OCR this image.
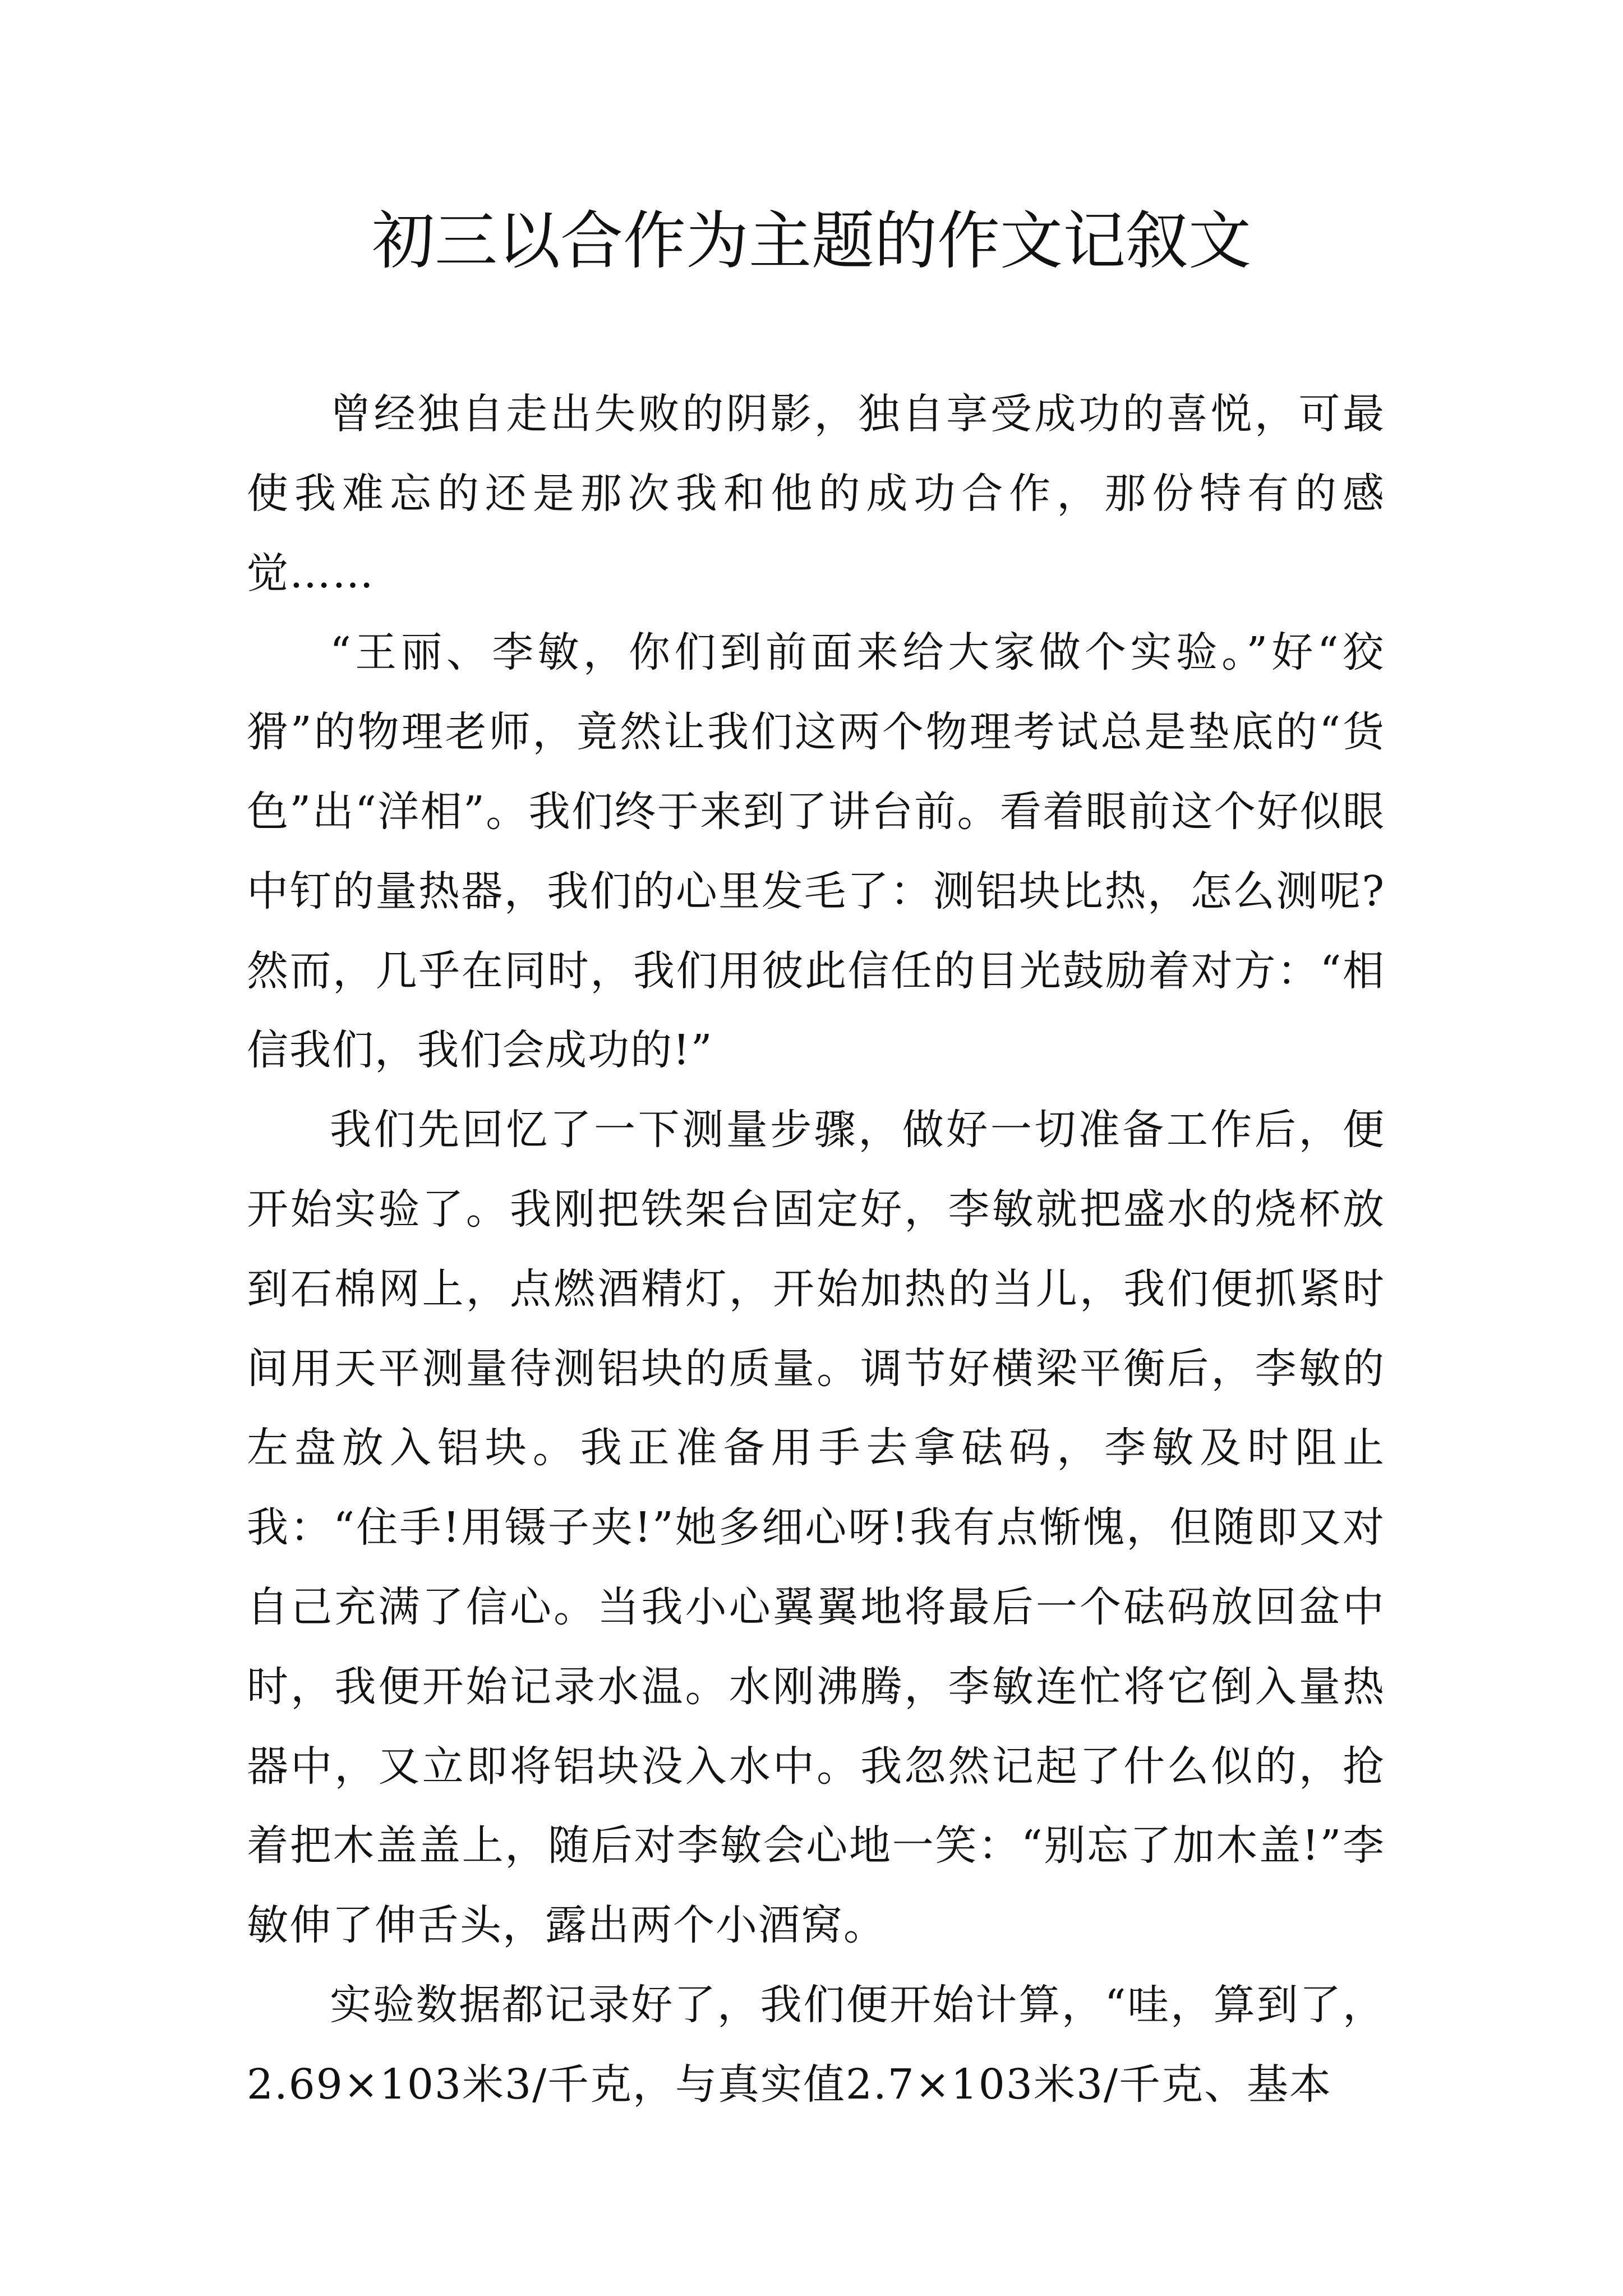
初三以合作为主题的作文记叙文

曾经独自走出失败的阴影，独自享受成功的喜悦，可最使我难忘的还是那次我和他的成功合作，那份特有的感觉……

“王丽、李敏，你们到前面来给大家做个实验。”好“狡猾”的物理老师，竟然让我们这两个物理考试总是垫底的“货色”出“洋相”。我们终于来到了讲台前。看着眼前这个好似眼中钉的量热器，我们的心里发毛了：测铝块比热，怎么测呢?然而，几乎在同时，我们用彼此信任的目光鼓励着对方：“相信我们，我们会成功的!”

我们先回忆了一下测量步骤，做好一切准备工作后，便开始实验了。我刚把铁架台固定好，李敏就把盛水的烧杯放到石棉网上，点燃酒精灯，开始加热的当儿，我们便抓紧时间用天平测量待测铝块的质量。调节好横梁平衡后，李敏的左盘放入铝块。我正准备用手去拿砝码，李敏及时阻止我：“住手!用镊子夹!”她多细心呀!我有点惭愧，但随即又对自己充满了信心。当我小心翼翼地将最后一个砝码放回盆中时，我便开始记录水温。水刚沸腾，李敏连忙将它倒入量热器中，又立即将铝块没入水中。我忽然记起了什么似的，抢着把木盖盖上，随后对李敏会心地一笑：“别忘了加木盖!”李敏伸了伸舌头，露出两个小酒窝。

实验数据都记录好了，我们便开始计算，“哇，算到了，2.69×103米3/千克，与真实值2.7×103米3/千克、基本
